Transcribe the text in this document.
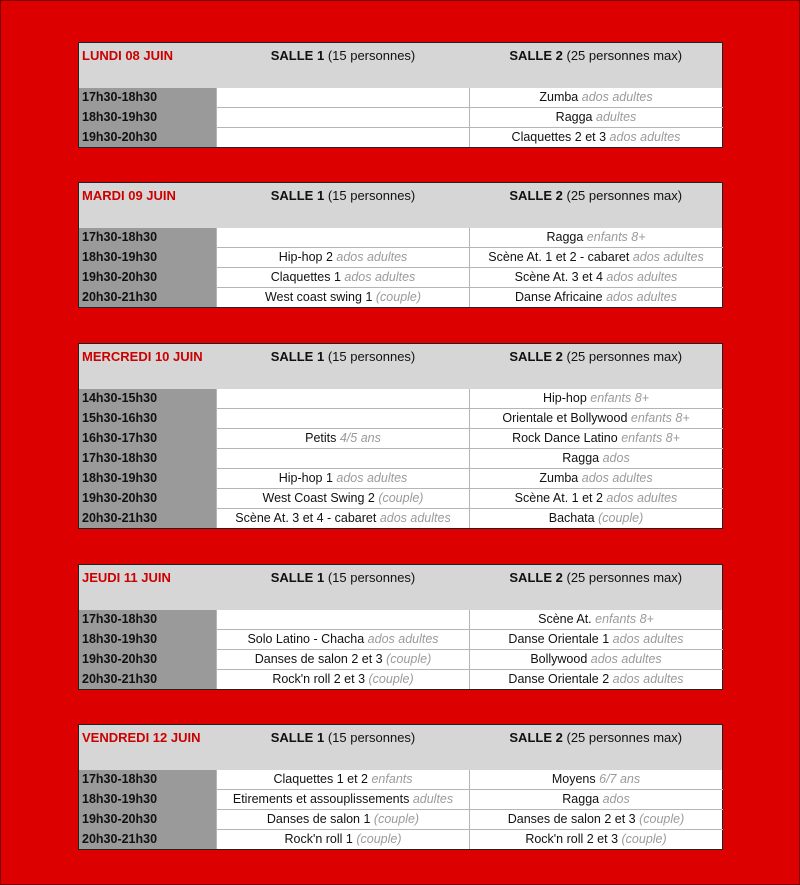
LUNDI 08 JUIN	SALLE 1 (15 personnes)	SALLE 2 (25 personnes max)
17h30-18h30		Zumba ados adultes
18h30-19h30		Ragga adultes
19h30-20h30		Claquettes 2 et 3 ados adultes
MARDI 09 JUIN	SALLE 1 (15 personnes)	SALLE 2 (25 personnes max)
17h30-18h30		Ragga enfants 8+
18h30-19h30	Hip-hop 2 ados adultes	Scène At. 1 et 2 - cabaret ados adultes
19h30-20h30	Claquettes 1 ados adultes	Scène At. 3 et 4 ados adultes
20h30-21h30	West coast swing 1 (couple)	Danse Africaine ados adultes
MERCREDI 10 JUIN	SALLE 1 (15 personnes)	SALLE 2 (25 personnes max)
14h30-15h30		Hip-hop enfants 8+
15h30-16h30		Orientale et Bollywood enfants 8+
16h30-17h30	Petits 4/5 ans	Rock Dance Latino enfants 8+
17h30-18h30		Ragga ados
18h30-19h30	Hip-hop 1 ados adultes	Zumba ados adultes
19h30-20h30	West Coast Swing 2 (couple)	Scène At. 1 et 2 ados adultes
20h30-21h30	Scène At. 3 et 4 - cabaret ados adultes	Bachata (couple)
JEUDI 11 JUIN	SALLE 1 (15 personnes)	SALLE 2 (25 personnes max)
17h30-18h30		Scène At. enfants 8+
18h30-19h30	Solo Latino - Chacha ados adultes	Danse Orientale 1 ados adultes
19h30-20h30	Danses de salon 2 et 3 (couple)	Bollywood ados adultes
20h30-21h30	Rock'n roll 2 et 3 (couple)	Danse Orientale 2 ados adultes
VENDREDI 12 JUIN	SALLE 1 (15 personnes)	SALLE 2 (25 personnes max)
17h30-18h30	Claquettes 1 et 2 enfants	Moyens 6/7 ans
18h30-19h30	Etirements et assouplissements adultes	Ragga ados
19h30-20h30	Danses de salon 1 (couple)	Danses de salon 2 et 3 (couple)
20h30-21h30	Rock'n roll 1 (couple)	Rock'n roll 2 et 3 (couple)
